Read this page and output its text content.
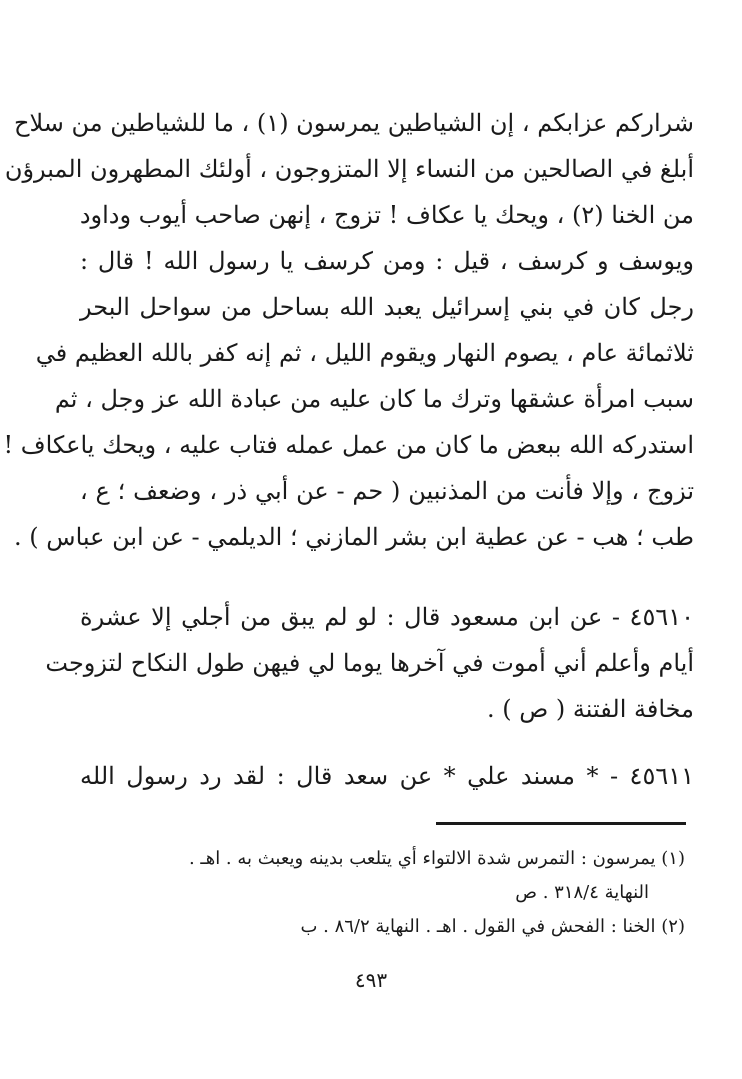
شراركم عزابكم ، إن الشياطين يمرسون (١) ، ما للشياطين من سلاح
أبلغ في الصالحين من النساء إلا المتزوجون ، أولئك المطهرون المبرؤن
من الخنا (٢) ، ويحك يا عكاف ! تزوج ، إنهن صاحب أيوب وداود
ويوسف و كرسف ، قيل : ومن كرسف يا رسول الله ! قال :
رجل كان في بني إسرائيل يعبد الله بساحل من سواحل البحر
ثلاثمائة عام ، يصوم النهار ويقوم الليل ، ثم إنه كفر بالله العظيم في
سبب امرأة عشقها وترك ما كان عليه من عبادة الله عز وجل ، ثم
استدركه الله ببعض ما كان من عمل عمله فتاب عليه ، ويحك ياعكاف !
تزوج ، وإلا فأنت من المذنبين ( حم - عن أبي ذر ، وضعف ؛ ع ،
طب ؛ هب - عن عطية ابن بشر المازني ؛ الديلمي - عن ابن عباس ) .
٤٥٦١٠ - عن ابن مسعود قال : لو لم يبق من أجلي إلا عشرة
أيام وأعلم أني أموت في آخرها يوما لي فيهن طول النكاح لتزوجت
مخافة الفتنة ( ص ) .
٤٥٦١١ - * مسند علي * عن سعد قال : لقد رد رسول الله
(١) يمرسون : التمرس شدة الالتواء أي يتلعب بدينه ويعبث به . اهـ .
النهاية ٣١٨/٤ . ص
(٢) الخنا : الفحش في القول . اهـ . النهاية ٨٦/٢ . ب
٤٩٣
